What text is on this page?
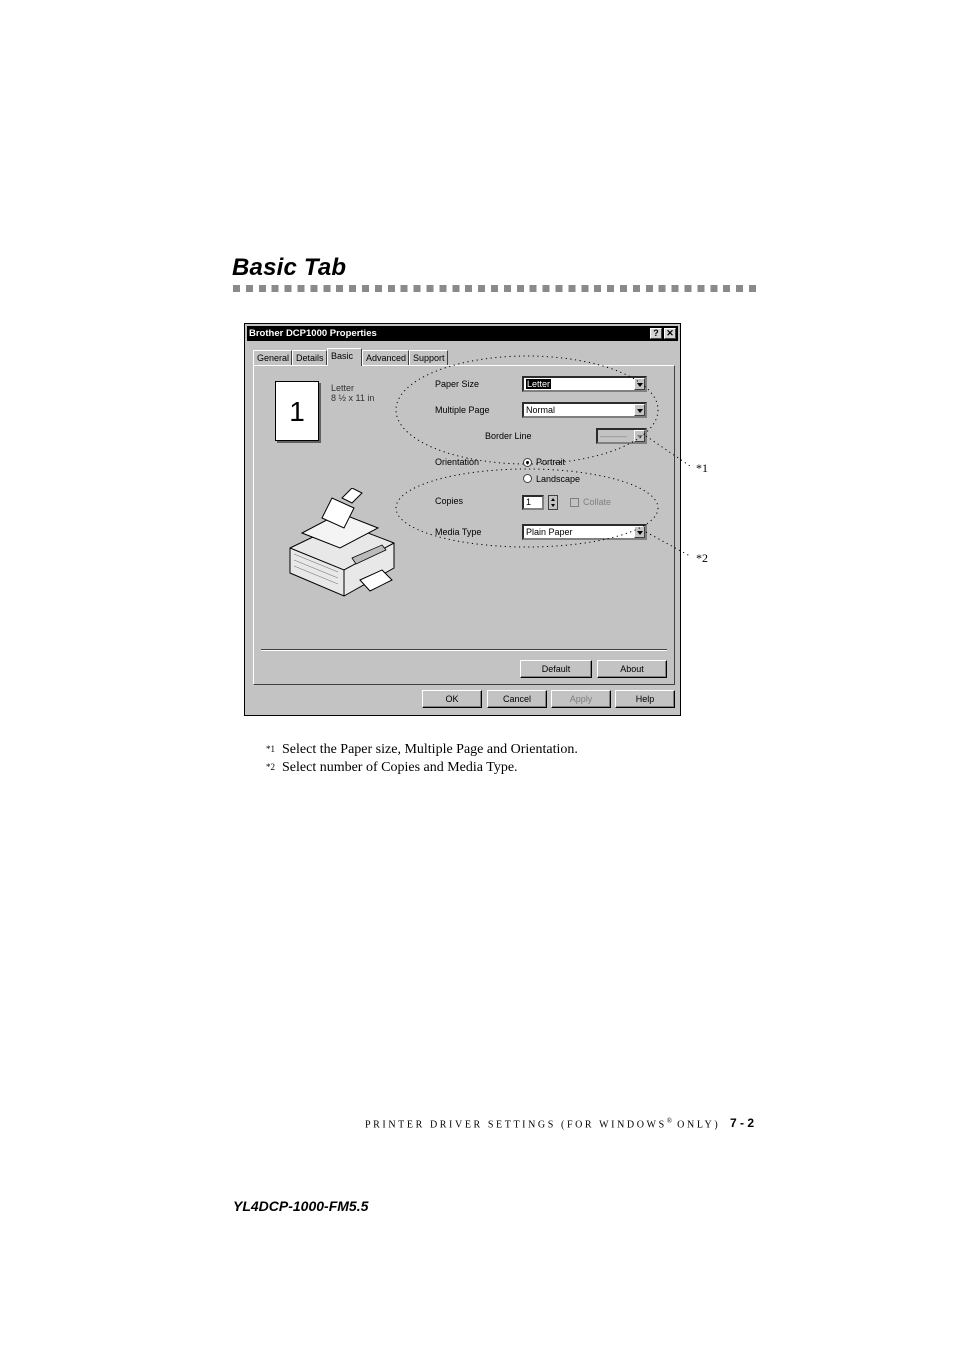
Basic Tab
Brother DCP1000 Properties	? ✕
General Details Basic	Advanced Support
1
Letter
8 ½ x 11 in
Paper Size	Letter
Multiple Page	Normal
Border Line	———
Orientation	Portrait
Landscape
Copies	1	Collate
Media Type	Plain Paper
Default	About
OK	Cancel	Apply	Help
*1
*2
$^{*1}$ Select the Paper size, Multiple Page and Orientation.
$^{*2}$ Select number of Copies and Media Type.
PRINTER DRIVER SETTINGS (FOR WINDOWS® ONLY) 7 - 2
YL4DCP-1000-FM5.5
